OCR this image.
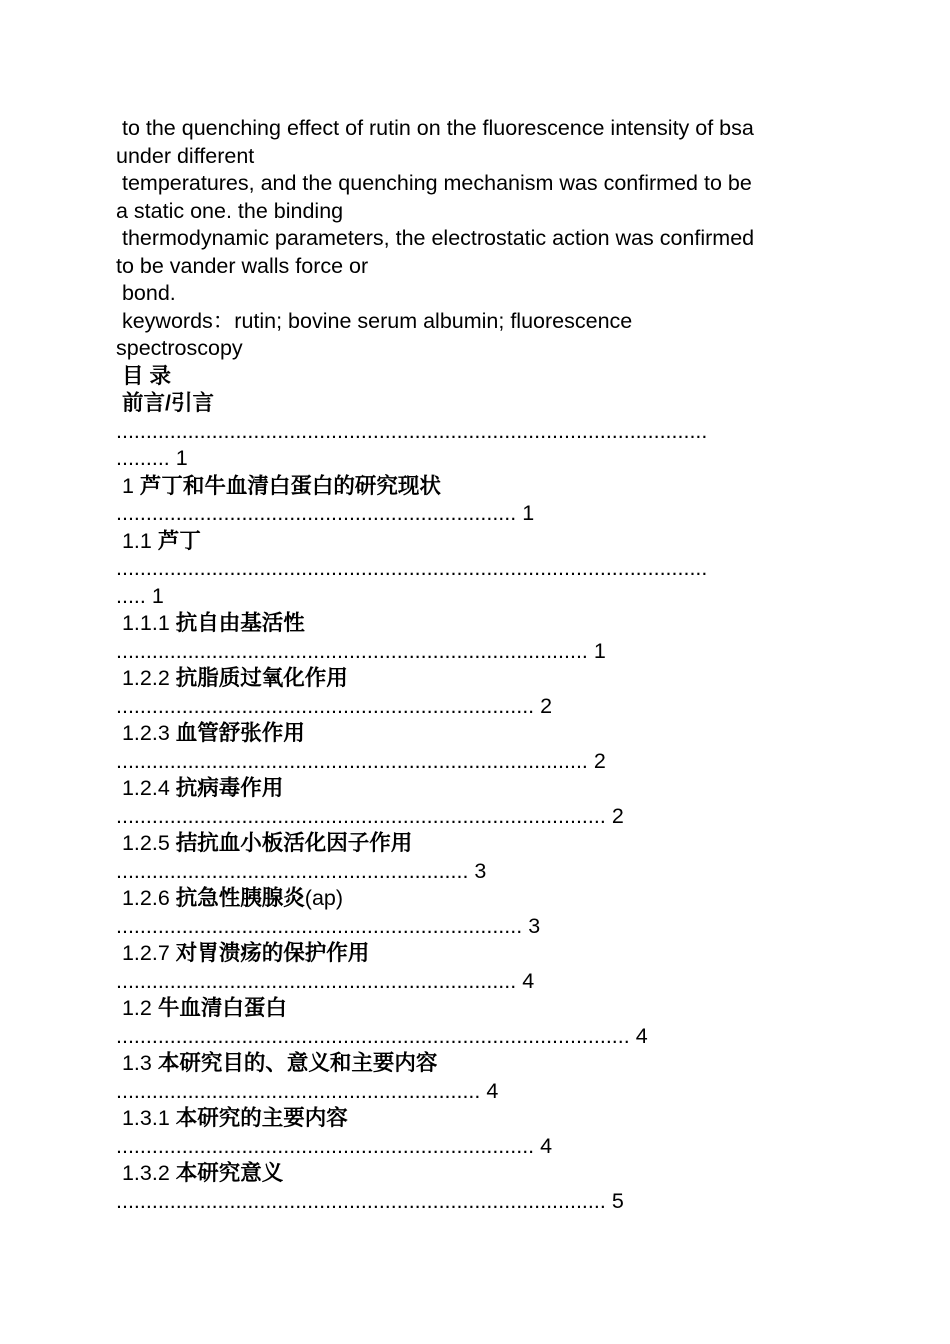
to the quenching effect of rutin on the fluorescence intensity of bsa

under different

temperatures, and the quenching mechanism was confirmed to be

a static one. the binding

thermodynamic parameters, the electrostatic action was confirmed

to be vander walls force or

bond.

keywords：rutin; bovine serum albumin; fluorescence

spectroscopy

目 录

前言/引言

...................................................................................................

......... 1

1 芦丁和牛血清白蛋白的研究现状

................................................................... 1

1.1 芦丁

...................................................................................................

..... 1

1.1.1 抗自由基活性

............................................................................... 1

1.2.2 抗脂质过氧化作用

...................................................................... 2

1.2.3 血管舒张作用

............................................................................... 2

1.2.4 抗病毒作用

.................................................................................. 2

1.2.5 拮抗血小板活化因子作用

........................................................... 3

1.2.6 抗急性胰腺炎(ap)

.................................................................... 3

1.2.7 对胃溃疡的保护作用

................................................................... 4

1.2 牛血清白蛋白

...................................................................................... 4

1.3 本研究目的、意义和主要内容

............................................................. 4

1.3.1 本研究的主要内容

...................................................................... 4

1.3.2 本研究意义

.................................................................................. 5
